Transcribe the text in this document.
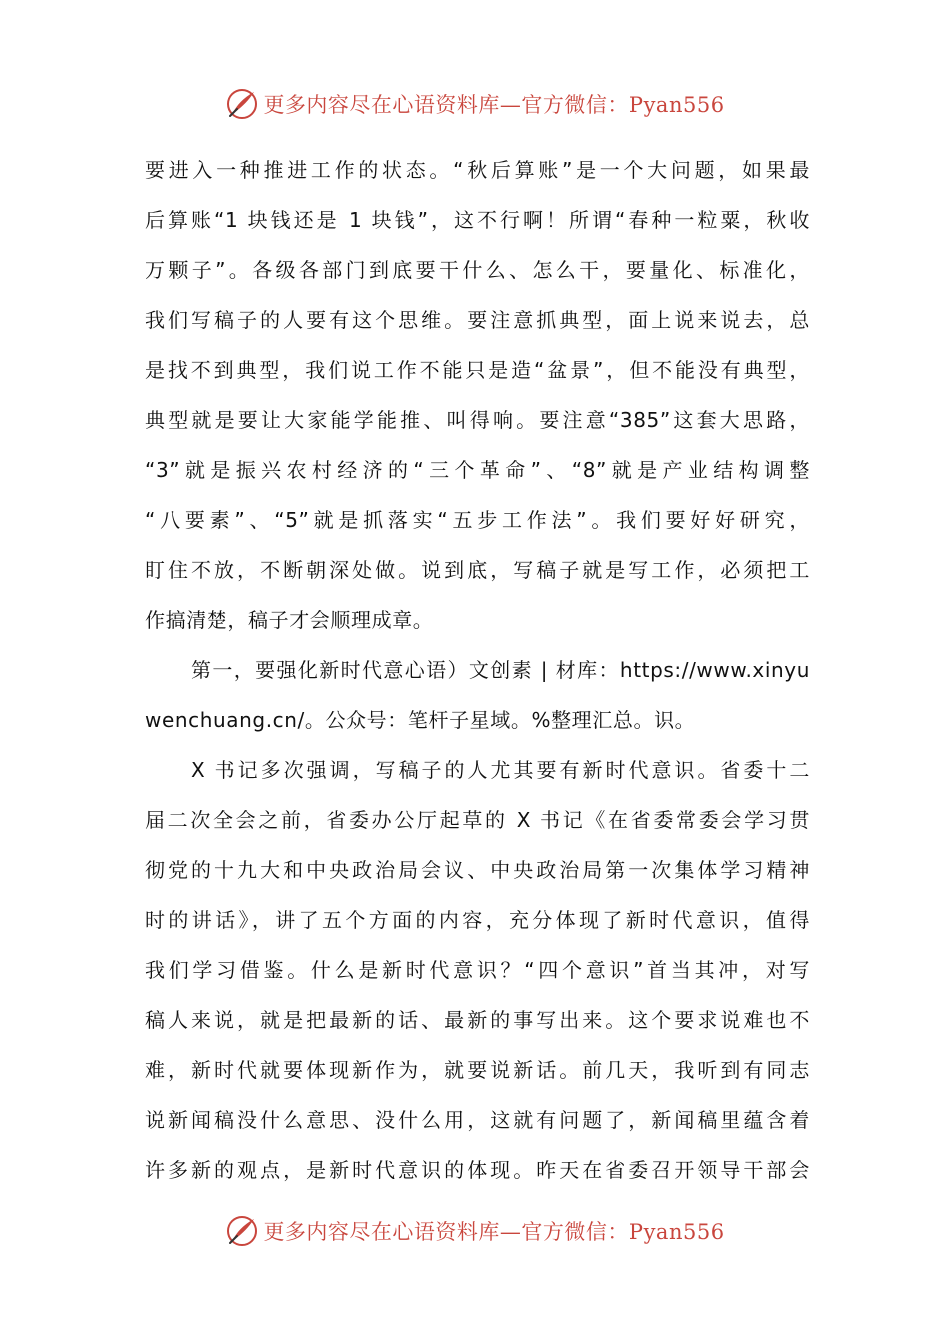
更多内容尽在心语资料库—官方微信：Pyan556
要进入一种推进工作的状态。“秋后算账”是一个大问题，如果最
后算账“1 块钱还是 1 块钱”，这不行啊！所谓“春种一粒粟，秋收
万颗子”。各级各部门到底要干什么、怎么干，要量化、标准化，
我们写稿子的人要有这个思维。要注意抓典型，面上说来说去，总
是找不到典型，我们说工作不能只是造“盆景”，但不能没有典型，
典型就是要让大家能学能推、叫得响。要注意“385”这套大思路，
“3”就是振兴农村经济的“三个革命”、“8”就是产业结构调整
“八要素”、“5”就是抓落实“五步工作法”。我们要好好研究，
盯住不放，不断朝深处做。说到底，写稿子就是写工作，必须把工
作搞清楚，稿子才会顺理成章。
第一，要强化新时代意心语）文创素 | 材库：https://www.xinyu
wenchuang.cn/。公众号：笔杆子星域。%整理汇总。识。
X 书记多次强调，写稿子的人尤其要有新时代意识。省委十二
届二次全会之前，省委办公厅起草的 X 书记《在省委常委会学习贯
彻党的十九大和中央政治局会议、中央政治局第一次集体学习精神
时的讲话》，讲了五个方面的内容，充分体现了新时代意识，值得
我们学习借鉴。什么是新时代意识？“四个意识”首当其冲，对写
稿人来说，就是把最新的话、最新的事写出来。这个要求说难也不
难，新时代就要体现新作为，就要说新话。前几天，我听到有同志
说新闻稿没什么意思、没什么用，这就有问题了，新闻稿里蕴含着
许多新的观点，是新时代意识的体现。昨天在省委召开领导干部会
更多内容尽在心语资料库—官方微信：Pyan556
